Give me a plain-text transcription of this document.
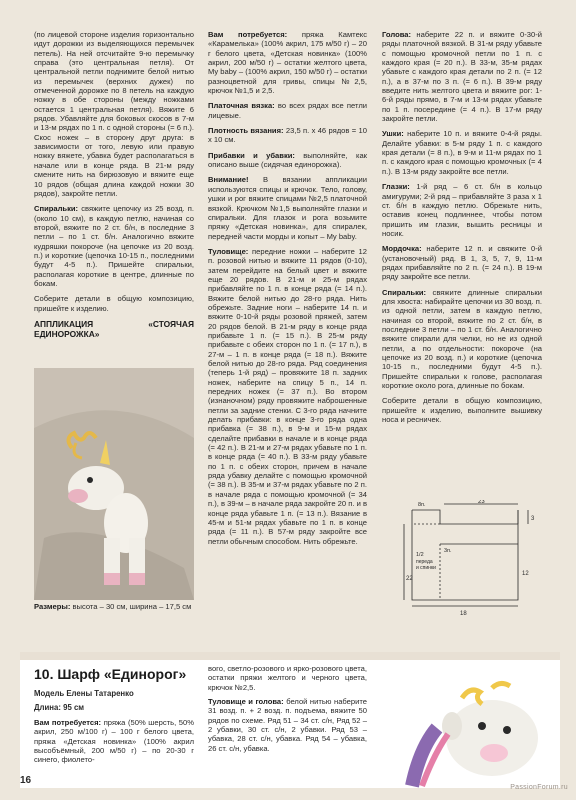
(по лицевой стороне изделия горизонтально идут дорожки из выделяющихся перемычек петель). На ней отсчитайте 9-ю перемычку справа (это центральная петля). От центральной петли поднимите белой нитью из перемычек (верхних дужек) по отмеченной дорожке по 8 петель на каждую ножку в обе стороны (между ножками остается 1 центральная петля). Вяжите 6 рядов. Убавляйте для боковых скосов в 7-м и 13-м рядах по 1 п. с одной стороны (= 6 п.). Скос ножек – в сторону друг друга: в зависимости от того, левую или правую ножку вяжете, убавка будет располагаться в начале или в конце ряда. В 21-м ряду смените нить на бирюзовую и вяжите еще 10 рядов (общая длина каждой ножки 30 рядов), закройте петли.

Спиральки: свяжите цепочку из 25 возд. п. (около 10 см), в каждую петлю, начиная со второй, вяжите по 2 ст. б/н, в последние 3 петли – по 1 ст. б/н. Аналогично вяжите кудряшки покороче (на цепочке из 20 возд. п.) и короткие (цепочка 10-15 п., последними будут 4-5 п.). Пришейте спиральки, располагая короткие в центре, длинные по бокам.

Соберите детали в общую композицию, пришейте к изделию.

АППЛИКАЦИЯ «СТОЯЧАЯ ЕДИНОРОЖКА»
Размеры: высота – 30 см, ширина – 17,5 см

Вам потребуется: пряжа Камтекс «Карамелька» (100% акрил, 175 м/50 г) – 20 г белого цвета, «Детская новинка» (100% акрил, 200 м/50 г) – остатки желтого цвета, My baby – (100% акрил, 150 м/50 г) – остатки разноцветной для гривы, спицы №2,5, крючок №1,5 и 2,5.

Платочная вязка: во всех рядах все петли лицевые.

Плотность вязания: 23,5 п. х 46 рядов = 10 х 10 см.

Прибавки и убавки: выполняйте, как описано выше (сидячая единорожка).

Внимание! В вязании аппликации используются спицы и крючок. Тело, голову, ушки и рог вяжите спицами №2,5 платочной вязкой. Крючком №1,5 выполняйте глазки и спиральки. Для глазок и рога возьмите пряжу «Детская новинка», для спиралек, передней части морды и копыт – My baby.

Туловище: передние ножки – наберите 12 п. розовой нитью и вяжите 11 рядов (0-10), затем перейдите на белый цвет и вяжите еще 20 рядов. В 21-м и 25-м рядах прибавляйте по 1 п. в конце ряда (= 14 п.). Вяжите белой нитью до 28-го ряда. Нить обрежьте. Задние ноги – наберите 14 п. и вяжите 0-10-й ряды розовой пряжей, затем 20 рядов белой. В 21-м ряду в конце ряда прибавьте 1 п. (= 15 п.). В 25-м ряду прибавьте с обеих сторон по 1 п. (= 17 п.), в 27-м – 1 п. в конце ряда (= 18 п.). Вяжите белой нитью до 28-го ряда. Ряд соединения (теперь 1-й ряд) – провяжите 18 п. задних ножек, наберите на спицу 5 п., 14 п. передних ножек (= 37 п.). Во втором (изнаночном) ряду провяжите наброшенные петли за задние стенки. С 3-го ряда начните делать прибавки: в конце 3-го ряда одна прибавка (= 38 п.), в 9-м и 15-м рядах сделайте прибавки в начале и в конце ряда (= 42 п.). В 21-м и 27-м рядах убавьте по 1 п. в конце ряда (= 40 п.). В 33-м ряду убавьте по 1 п. с обеих сторон, причем в начале ряда убавку делайте с помощью кромочной (= 38 п.). В 35-м и 37-м рядах убавьте по 2 п. в начале ряда с помощью кромочной (= 34 п.), в 39-м – в начале ряда закройте 20 п. и в конце ряда убавьте 1 п. (= 13 п.). Вязание в 45-м и 51-м рядах убавьте по 1 п. в конце ряда (= 11 п.). В 57-м ряду закройте все петли обычным способом. Нить обрежьте.

Голова: наберите 22 п. и вяжите 0-30-й ряды платочной вязкой. В 31-м ряду убавьте с помощью кромочной петли по 1 п. с каждого края (= 20 п.). В 33-м, 35-м рядах убавьте с каждого края детали по 2 п. (= 12 п.), а в 37-м по 3 п. (= 6 п.). В 39-м ряду введите нить желтого цвета и вяжите рог: 1-6-й ряды прямо, в 7-м и 13-м рядах убавьте по 1 п. посередине (= 4 п.). В 17-м ряду закройте петли.

Ушки: наберите 10 п. и вяжите 0-4-й ряды. Делайте убавки: в 5-м ряду 1 п. с каждого края детали (= 8 п.), в 9-м и 11-м рядах по 1 п. с каждого края с помощью кромочных (= 4 п.). В 13-м ряду закройте все петли.

Глазки: 1-й ряд – 6 ст. б/н в кольцо амигуруми; 2-й ряд – прибавляйте 3 раза х 1 ст. б/н в каждую петлю. Обрежьте нить, оставив конец подлиннее, чтобы потом пришить им глазик, вышить ресницы и носик.

Мордочка: наберите 12 п. и свяжите 0-й (установочный) ряд. В 1, 3, 5, 7, 9, 11-м рядах прибавляйте по 2 п. (= 24 п.). В 19-м ряду закройте все петли.

Спиральки: свяжите длинные спиральки для хвоста: набирайте цепочки из 30 возд. п. из одной петли, затем в каждую петлю, начиная со второй, вяжите по 2 ст. б/н, в последние 3 петли – по 1 ст. б/н. Аналогично вяжите спирали для челки, но не из одной петли, а по отдельности: покороче (на цепочке из 20 возд. п.) и короткие (цепочка 10-15 п., последними будут 4-5 п.). Пришейте спиральки к голове, располагая короткие около рога, длинные по бокам.

Соберите детали в общую композицию, пришейте к изделию, выполните вышивку носа и ресничек.

8п.	23
3
1/2
переда
и спинки
3п.
22
12
18
10. Шарф «Единорог»
Модель Елены Татаренко
Длина: 95 см
Вам потребуется: пряжа (50% шерсть, 50% акрил, 250 м/100 г) – 100 г белого цвета, пряжа «Детская новинка» (100% акрил высобъёмный, 200 м/50 г) – по 20-30 г синего, фиолето-

вого, светло-розового и ярко-розового цвета, остатки пряжи желтого и черного цвета, крючок №2,5.

Туловище и голова: белой нитью наберите 31 возд. п. + 2 возд. п. подъема, вяжите 50 рядов по схеме. Ряд 51 – 34 ст. с/н, Ряд 52 – 2 убавки, 30 ст. с/н, 2 убавки. Ряд 53 – убавка, 28 ст. с/н, убавка. Ряд 54 – убавка, 26 ст. с/н, убавка.

16
PassionForum.ru
